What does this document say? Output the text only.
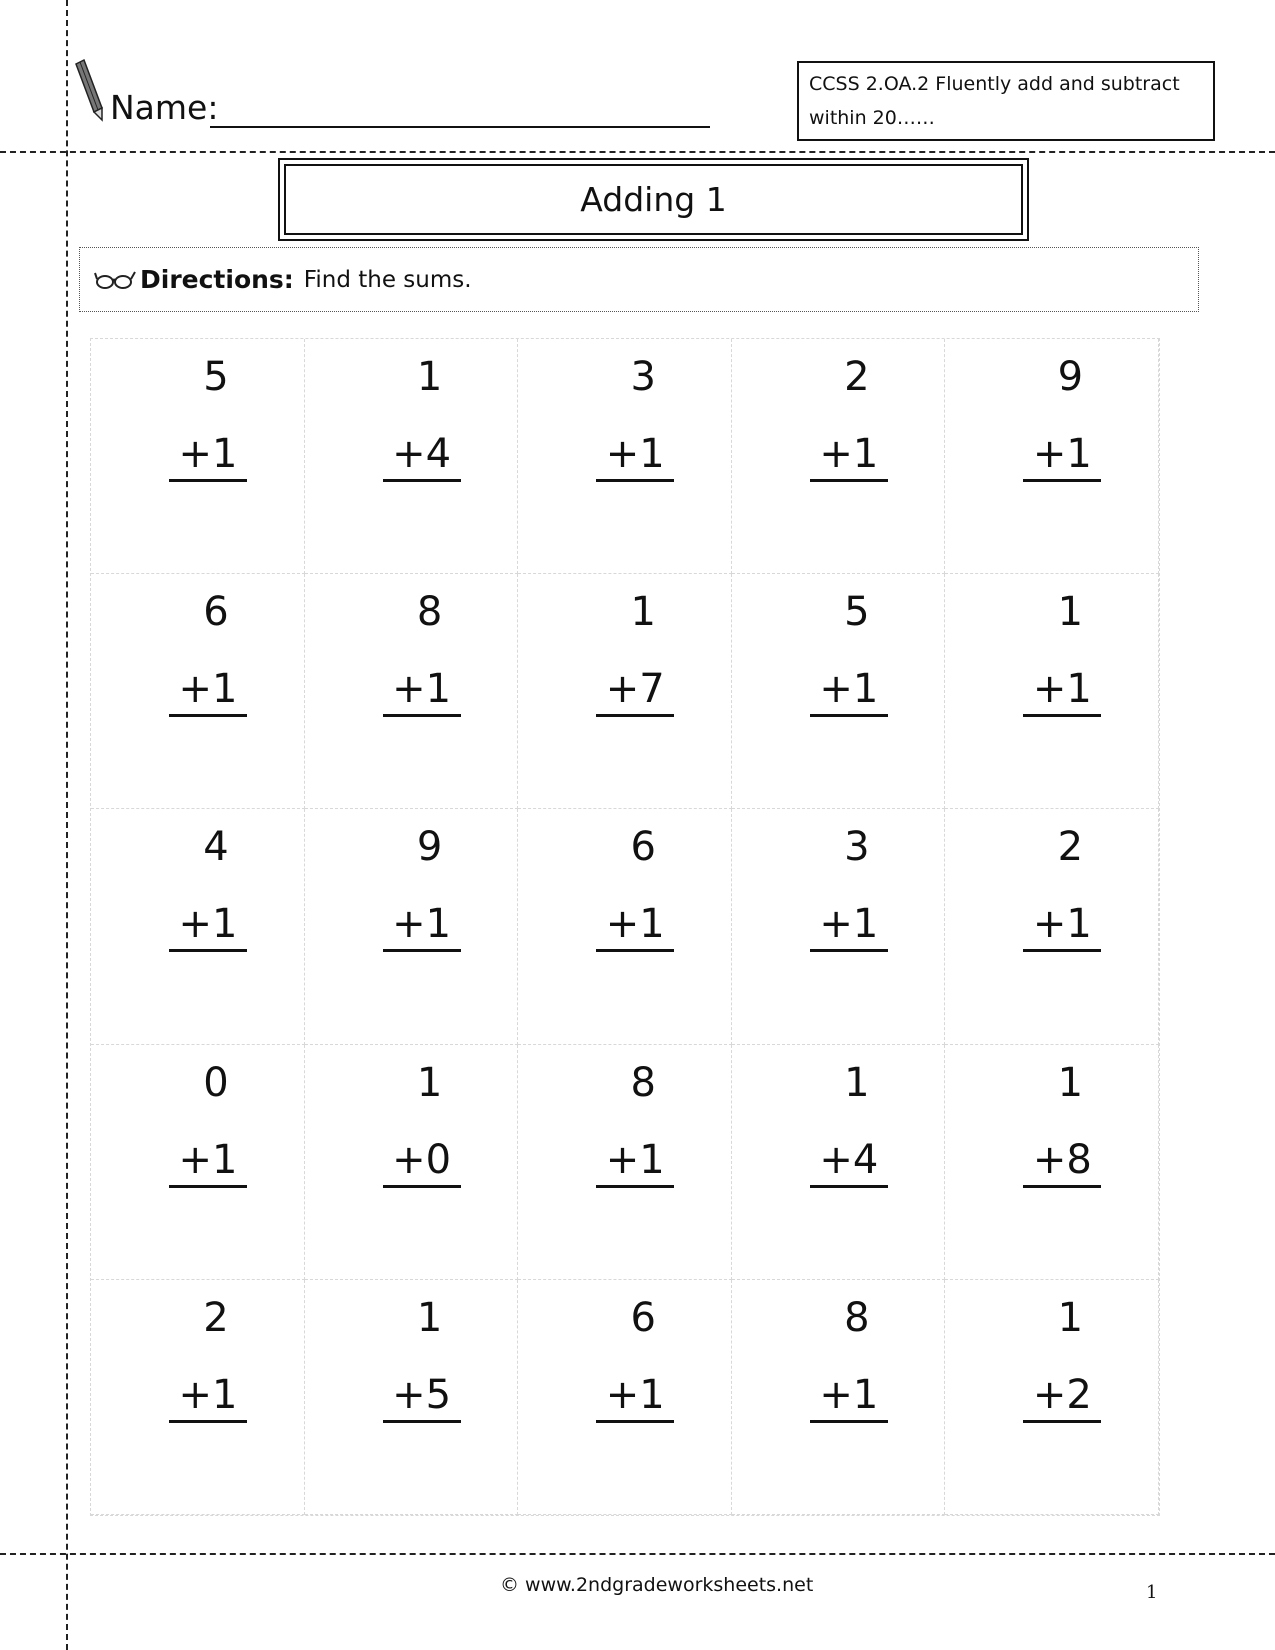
Name:
CCSS 2.OA.2 Fluently add and subtract within 20……
Adding 1
Directions: Find the sums.
5
+1
1
+4
3
+1
2
+1
9
+1
6
+1
8
+1
1
+7
5
+1
1
+1
4
+1
9
+1
6
+1
3
+1
2
+1
0
+1
1
+0
8
+1
1
+4
1
+8
2
+1
1
+5
6
+1
8
+1
1
+2
© www.2ndgradeworksheets.net	1
